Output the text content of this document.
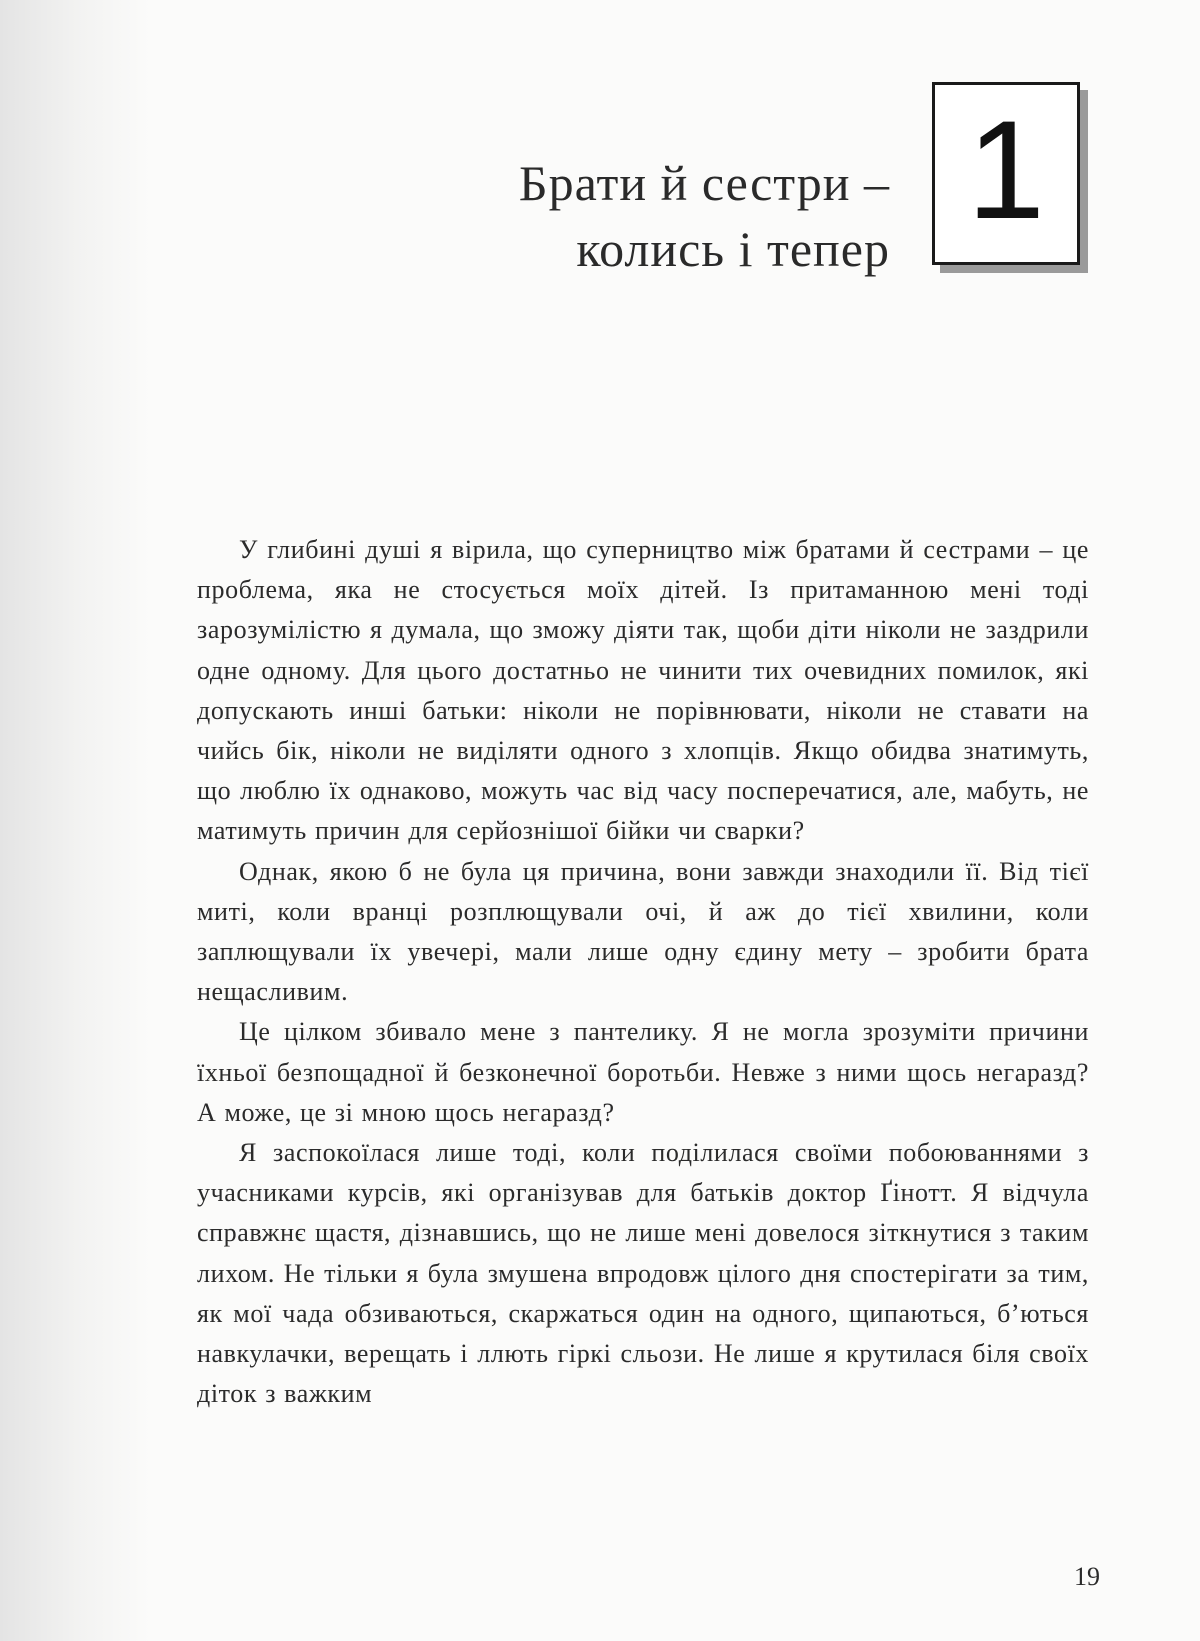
Брати й сестри –
колись і тепер
1

У глибині душі я вірила, що суперництво між братами й сестрами – це проблема, яка не стосується моїх дітей. Із притаманною мені тоді зарозумілістю я думала, що зможу діяти так, щоби діти ніколи не заздрили одне одному. Для цього достатньо не чинити тих очевидних помилок, які допускають инші батьки: ніколи не порівнювати, ніколи не ставати на чийсь бік, ніколи не виділяти одного з хлопців. Якщо обидва знатимуть, що люблю їх однаково, можуть час від часу посперечатися, але, мабуть, не матимуть причин для серйознішої бійки чи сварки?

Однак, якою б не була ця причина, вони завжди знаходили її. Від тієї миті, коли вранці розплющували очі, й аж до тієї хвилини, коли заплющували їх увечері, мали лише одну єдину мету – зробити брата нещасливим.

Це цілком збивало мене з пантелику. Я не могла зрозуміти причини їхньої безпощадної й безконечної боротьби. Невже з ними щось негаразд? А може, це зі мною щось негаразд?

Я заспокоїлася лише тоді, коли поділилася своїми побоюваннями з учасниками курсів, які організував для батьків доктор Ґінотт. Я відчула справжнє щастя, дізнавшись, що не лише мені довелося зіткнутися з таким лихом. Не тільки я була змушена впродовж цілого дня спостерігати за тим, як мої чада обзиваються, скаржаться один на одного, щипаються, б’ються навкулачки, верещать і ллють гіркі сльози. Не лише я крутилася біля своїх діток з важким

19
